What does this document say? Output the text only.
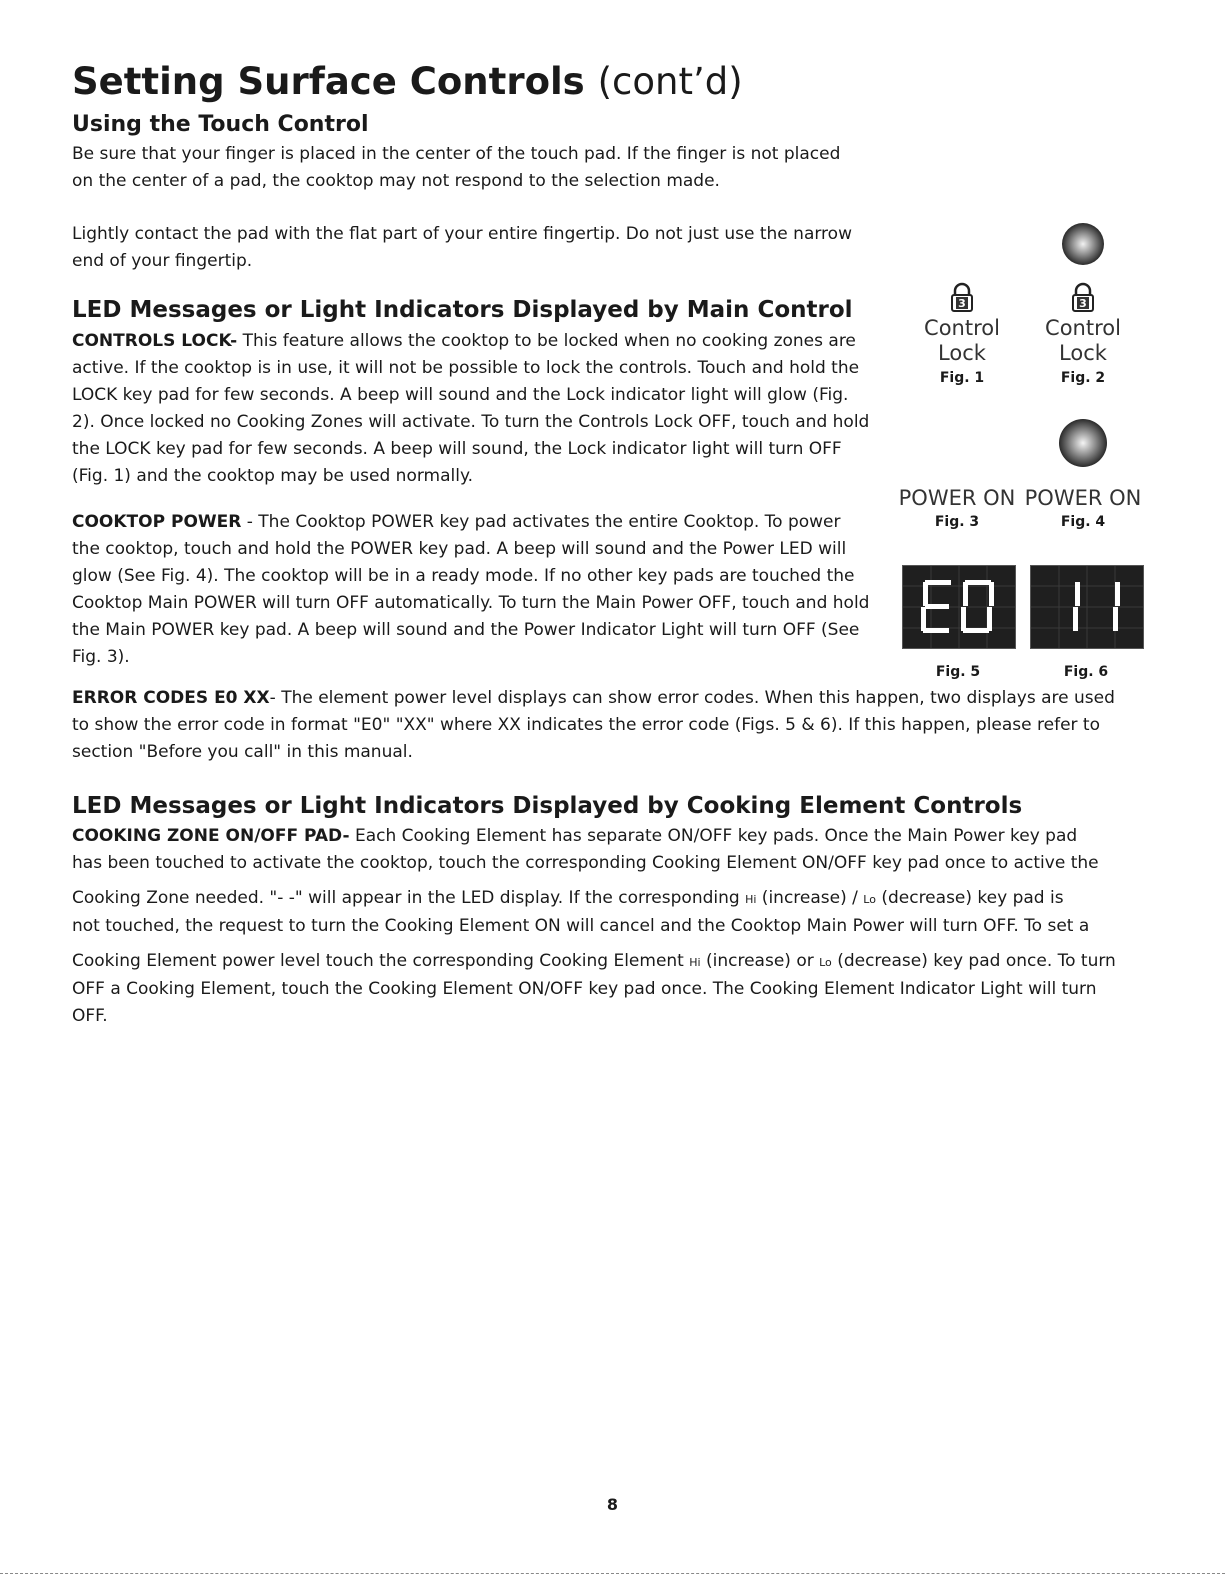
Setting Surface Controls (cont’d)
Using the Touch Control

Be sure that your finger is placed in the center of the touch pad. If the finger is not placed on the center of a pad, the cooktop may not respond to the selection made.

Lightly contact the pad with the flat part of your entire fingertip. Do not just use the narrow end of your fingertip.

LED Messages or Light Indicators Displayed by Main Control

CONTROLS LOCK- This feature allows the cooktop to be locked when no cooking zones are active. If the cooktop is in use, it will not be possible to lock the controls. Touch and hold the LOCK key pad for few seconds. A beep will sound and the Lock indicator light will glow (Fig. 2). Once locked no Cooking Zones will activate. To turn the Controls Lock OFF, touch and hold the LOCK key pad for few seconds. A beep will sound, the Lock indicator light will turn OFF (Fig. 1) and the cooktop may be used normally.

COOKTOP POWER - The Cooktop POWER key pad activates the entire Cooktop. To power the cooktop, touch and hold the POWER key pad. A beep will sound and the Power LED will glow (See Fig. 4). The cooktop will be in a ready mode. If no other key pads are touched the Cooktop Main POWER will turn OFF automatically. To turn the Main Power OFF, touch and hold the Main POWER key pad. A beep will sound and the Power Indicator Light will turn OFF (See Fig. 3).

ERROR CODES E0 XX- The element power level displays can show error codes. When this happen, two displays are used to show the error code in format "E0" "XX" where XX indicates the error code (Figs. 5 & 6). If this happen, please refer to section "Before you call" in this manual.

3
Control
Lock
Fig. 1
3
Control
Lock
Fig. 2
POWER ON
Fig. 3
POWER ON
Fig. 4
Fig. 5	Fig. 6
LED Messages or Light Indicators Displayed by Cooking Element Controls
COOKING ZONE ON/OFF PAD- Each Cooking Element has separate ON/OFF key pads. Once the Main Power key pad
has been touched to activate the cooktop, touch the corresponding Cooking Element ON/OFF key pad once to active the
Cooking Zone needed. "- -" will appear in the LED display. If the corresponding Hi (increase) / Lo (decrease) key pad is
not touched, the request to turn the Cooking Element ON will cancel and the Cooktop Main Power will turn OFF. To set a
Cooking Element power level touch the corresponding Cooking Element Hi (increase) or Lo (decrease) key pad once. To turn
OFF a Cooking Element, touch the Cooking Element ON/OFF key pad once. The Cooking Element Indicator Light will turn
OFF.
8
